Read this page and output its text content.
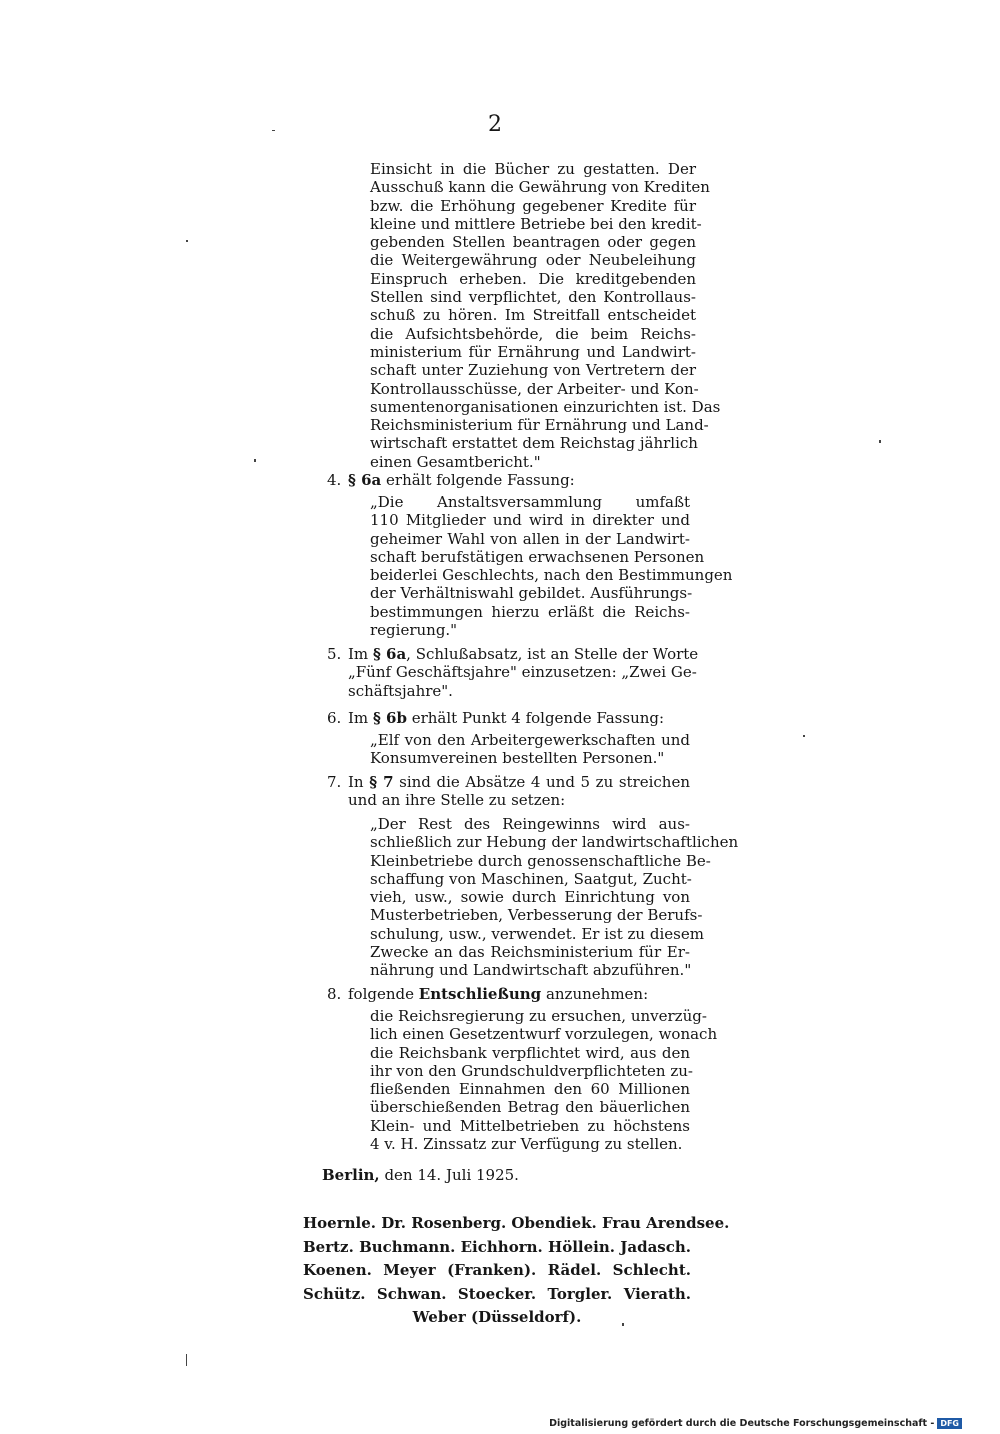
2
Einsicht in die Bücher zu gestatten. Der
Ausschuß kann die Gewährung von Krediten
bzw. die Erhöhung gegebener Kredite für
kleine und mittlere Betriebe bei den kredit-
gebenden Stellen beantragen oder gegen
die Weitergewährung oder Neubeleihung
Einspruch erheben. Die kreditgebenden
Stellen sind verpflichtet, den Kontrollaus-
schuß zu hören. Im Streitfall entscheidet
die Aufsichtsbehörde, die beim Reichs-
ministerium für Ernährung und Landwirt-
schaft unter Zuziehung von Vertretern der
Kontrollausschüsse, der Arbeiter- und Kon-
sumentenorganisationen einzurichten ist. Das
Reichsministerium für Ernährung und Land-
wirtschaft erstattet dem Reichstag jährlich
einen Gesamtbericht."
4. § 6a erhält folgende Fassung:
„Die Anstaltsversammlung umfaßt
110 Mitglieder und wird in direkter und
geheimer Wahl von allen in der Landwirt-
schaft berufstätigen erwachsenen Personen
beiderlei Geschlechts, nach den Bestimmungen
der Verhältniswahl gebildet. Ausführungs-
bestimmungen hierzu erläßt die Reichs-
regierung."
5. Im § 6a, Schlußabsatz, ist an Stelle der Worte
„Fünf Geschäftsjahre" einzusetzen: „Zwei Ge-
schäftsjahre".
6. Im § 6b erhält Punkt 4 folgende Fassung:
„Elf von den Arbeitergewerkschaften und
Konsumvereinen bestellten Personen."
7. In § 7 sind die Absätze 4 und 5 zu streichen
und an ihre Stelle zu setzen:
„Der Rest des Reingewinns wird aus-
schließlich zur Hebung der landwirtschaftlichen
Kleinbetriebe durch genossenschaftliche Be-
schaffung von Maschinen, Saatgut, Zucht-
vieh, usw., sowie durch Einrichtung von
Musterbetrieben, Verbesserung der Berufs-
schulung, usw., verwendet. Er ist zu diesem
Zwecke an das Reichsministerium für Er-
nährung und Landwirtschaft abzuführen."
8. folgende Entschließung anzunehmen:
die Reichsregierung zu ersuchen, unverzüg-
lich einen Gesetzentwurf vorzulegen, wonach
die Reichsbank verpflichtet wird, aus den
ihr von den Grundschuldverpflichteten zu-
fließenden Einnahmen den 60 Millionen
überschießenden Betrag den bäuerlichen
Klein- und Mittelbetrieben zu höchstens
4 v. H. Zinssatz zur Verfügung zu stellen.
Berlin, den 14. Juli 1925.
Hoernle. Dr. Rosenberg. Obendiek. Frau Arendsee.
Bertz. Buchmann. Eichhorn. Höllein. Jadasch.
Koenen. Meyer (Franken). Rädel. Schlecht.
Schütz. Schwan. Stoecker. Torgler. Vierath.
Weber (Düsseldorf).
Digitalisierung gefördert durch die Deutsche Forschungsgemeinschaft - DFG
